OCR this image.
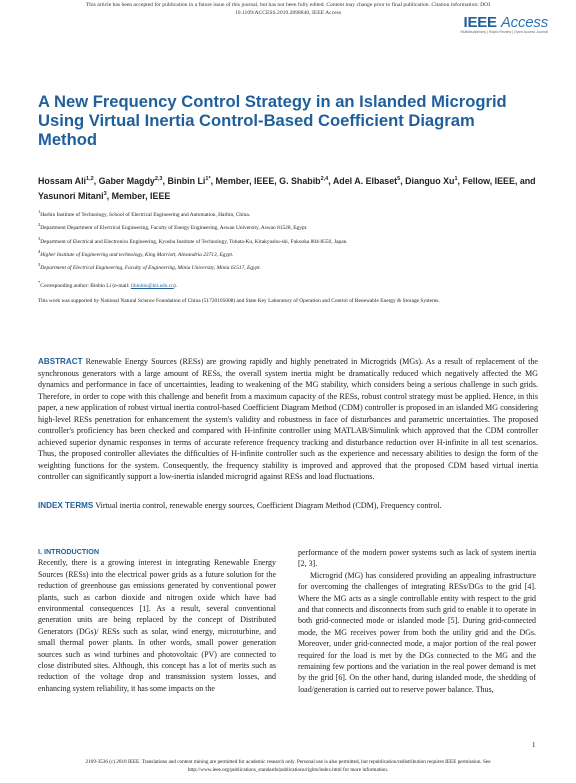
This article has been accepted for publication in a future issue of this journal, but has not been fully edited. Content may change prior to final publication. Citation information: DOI
10.1109/ACCESS.2019.2898840, IEEE Access
IEEE Access
Multidisciplinary | Rapid Review | Open Access Journal
A New Frequency Control Strategy in an Islanded Microgrid Using Virtual Inertia Control-Based Coefficient Diagram Method
Hossam Ali$^{1,2}$, Gaber Magdy$^{2,3}$, Binbin $Li^{1*}$, Member, IEEE, G. Shabib$^{2,4}$, Adel A. Elbaset$^5$, Dianguo Xu$^1$, Fellow, IEEE, and Yasunori Mitani$^3$, Member, IEEE
$^1$Harbin Institute of Technology, School of Electrical Engineering and Automation, Harbin, China.
$^2$Department Department of Electrical Engineering, Faculty of Energy Engineering, Aswan University, Aswan 81528, Egypt.
$^3$Department of Electrical and Electronics Engineering, Kyushu Institute of Technology, Tobata-Ku, Kitakyushu-shi, Fukuoka 804-8550, Japan.
$^4$Higher Institute of Engineering and technology, King Marriott, Alexandria 23713, Egypt.
$^5$Department of Electrical Engineering, Faculty of Engineering, Minia University, Minia 61517, Egypt.
*Corresponding author: Binbin Li (e-mail: libinbin@hit.edu.cn).
This work was supported by National Natural Science Foundation of China (51720105008) and State Key Laboratory of Operation and Control of Renewable Energy & Storage Systems.
ABSTRACT Renewable Energy Sources (RESs) are growing rapidly and highly penetrated in Microgrids (MGs). As a result of replacement of the synchronous generators with a large amount of RESs, the overall system inertia might be dramatically reduced which negatively affected the MG dynamics and performance in face of uncertainties, leading to weakening of the MG stability, which considers being a serious challenge in such grids. Therefore, in order to cope with this challenge and benefit from a maximum capacity of the RESs, robust control strategy must be applied. Hence, in this paper, a new application of robust virtual inertia control-based Coefficient Diagram Method (CDM) controller is proposed in an islanded MG considering high-level RESs penetration for enhancement the system's validity and robustness in face of disturbances and parametric uncertainties. The proposed controller's proficiency has been checked and compared with H-infinite controller using MATLAB/Simulink which approved that the CDM controller achieved superior dynamic responses in terms of accurate reference frequency tracking and disturbance reduction over H-infinite in all test scenarios. Thus, the proposed controller alleviates the difficulties of H-infinite controller such as the experience and necessary abilities to design the form of the weighting functions for the system. Consequently, the frequency stability is improved and approved that the proposed CDM based virtual inertia controller can significantly support a low-inertia islanded microgrid against RESs and load fluctuations.
INDEX TERMS Virtual inertia control, renewable energy sources, Coefficient Diagram Method (CDM), Frequency control.
I. INTRODUCTION
Recently, there is a growing interest in integrating Renewable Energy Sources (RESs) into the electrical power grids as a future solution for the reduction of greenhouse gas emissions generated by conventional power plants, such as carbon dioxide and nitrogen oxide which have bad environmental consequences [1]. As a result, several conventional generation units are being replaced by the concept of Distributed Generators (DGs)/ RESs such as solar, wind energy, microturbine, and small thermal power plants. In other words, small power generation sources such as wind turbines and photovoltaic (PV) are connected to close distributed sites. Although, this concept has a lot of merits such as reduction of the voltage drop and transmission system losses, and enhancing system reliability, it has some impacts on the
performance of the modern power systems such as lack of system inertia [2, 3].
Microgrid (MG) has considered providing an appealing infrastructure for overcoming the challenges of integrating RESs/DGs to the grid [4]. Where the MG acts as a single controllable entity with respect to the grid and that connects and disconnects from such grid to enable it to operate in both grid-connected mode or islanded mode [5]. During grid-connected mode, the MG receives power from both the utility grid and the DGs. Moreover, under grid-connected mode, a major portion of the real power required for the load is met by the DGs connected to the MG and the remaining few portions and the variation in the real power demand is met by the grid [6]. On the other hand, during islanded mode, the shedding of load/generation is carried out to reserve power balance. Thus,
1
2169-3536 (c) 2018 IEEE. Translations and content mining are permitted for academic research only. Personal use is also permitted, but republication/redistribution requires IEEE permission. See
http://www.ieee.org/publications_standards/publications/rights/index.html for more information.
